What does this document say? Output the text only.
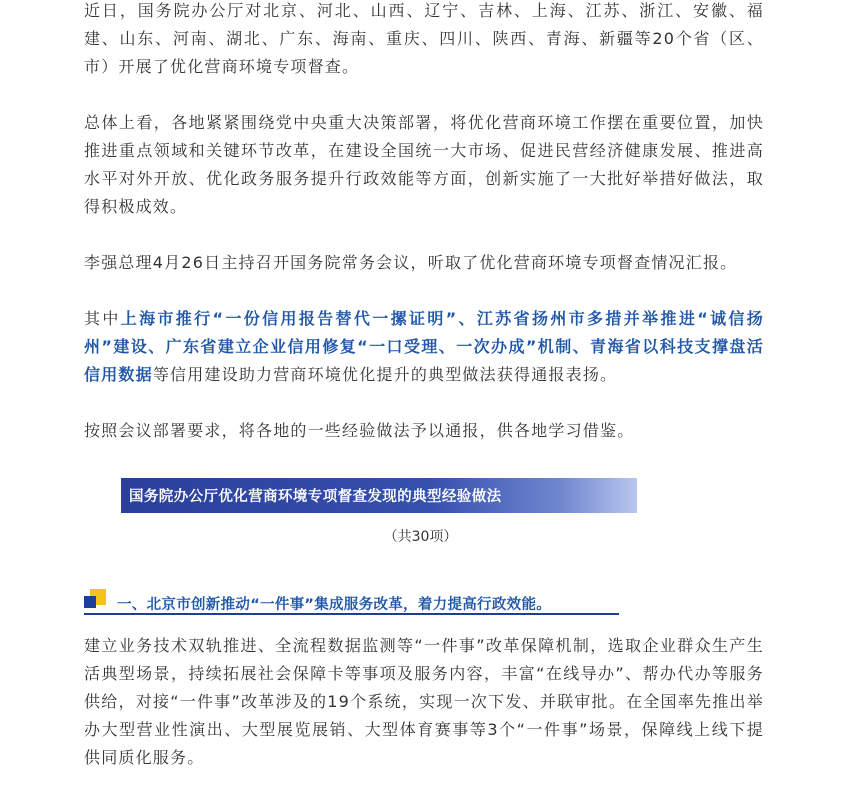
近日，国务院办公厅对北京、河北、山西、辽宁、吉林、上海、江苏、浙江、安徽、福建、山东、河南、湖北、广东、海南、重庆、四川、陕西、青海、新疆等20个省（区、市）开展了优化营商环境专项督查。

总体上看，各地紧紧围绕党中央重大决策部署，将优化营商环境工作摆在重要位置，加快推进重点领域和关键环节改革，在建设全国统一大市场、促进民营经济健康发展、推进高水平对外开放、优化政务服务提升行政效能等方面，创新实施了一大批好举措好做法，取得积极成效。

李强总理4月26日主持召开国务院常务会议，听取了优化营商环境专项督查情况汇报。

其中上海市推行“一份信用报告替代一摞证明”、江苏省扬州市多措并举推进“诚信扬州”建设、广东省建立企业信用修复“一口受理、一次办成”机制、青海省以科技支撑盘活信用数据等信用建设助力营商环境优化提升的典型做法获得通报表扬。

按照会议部署要求，将各地的一些经验做法予以通报，供各地学习借鉴。

建立业务技术双轨推进、全流程数据监测等“一件事”改革保障机制，选取企业群众生产生活典型场景，持续拓展社会保障卡等事项及服务内容，丰富“在线导办”、帮办代办等服务供给，对接“一件事”改革涉及的19个系统，实现一次下发、并联审批。在全国率先推出举办大型营业性演出、大型展览展销、大型体育赛事等3个“一件事”场景，保障线上线下提供同质化服务。

国务院办公厅优化营商环境专项督查发现的典型经验做法
（共30项）
一、北京市创新推动“一件事”集成服务改革，着力提高行政效能。
